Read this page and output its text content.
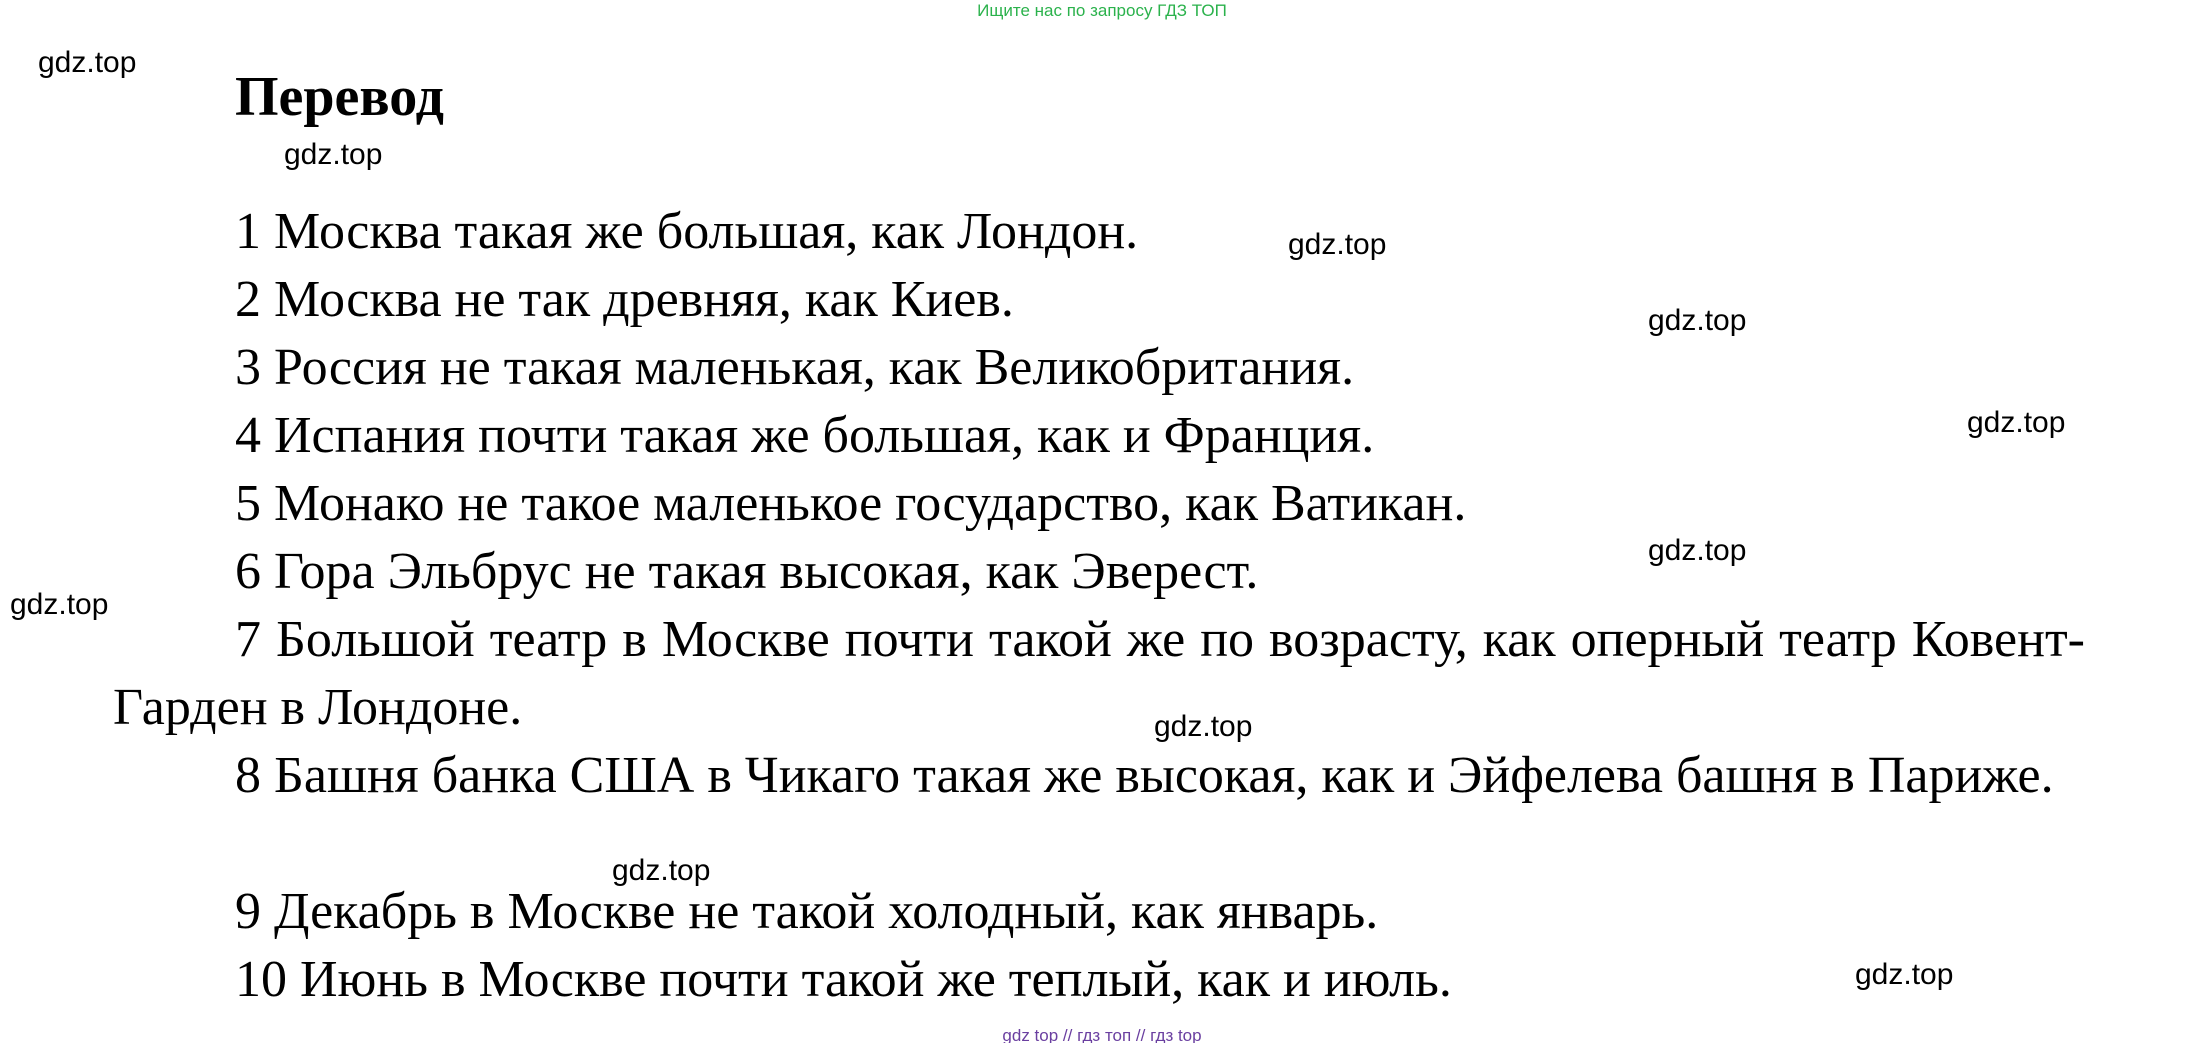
Ищите нас по запросу ГДЗ ТОП
Перевод

1 Москва такая же большая, как Лондон.

2 Москва не так древняя, как Киев.

3 Россия не такая маленькая, как Великобритания.

4 Испания почти такая же большая, как и Франция.

5 Монако не такое маленькое государство, как Ватикан.

6 Гора Эльбрус не такая высокая, как Эверест.

7 Большой театр в Москве почти такой же по возрасту, как оперный театр Ковент-Гарден в Лондоне.

8 Башня банка США в Чикаго такая же высокая, как и Эйфелева башня в Париже.

9 Декабрь в Москве не такой холодный, как январь.

10 Июнь в Москве почти такой же теплый, как и июль.

gdz.top
gdz.top
gdz.top
gdz.top
gdz.top
gdz.top
gdz.top
gdz.top
gdz.top
gdz.top
gdz top // гдз топ // гдз top
